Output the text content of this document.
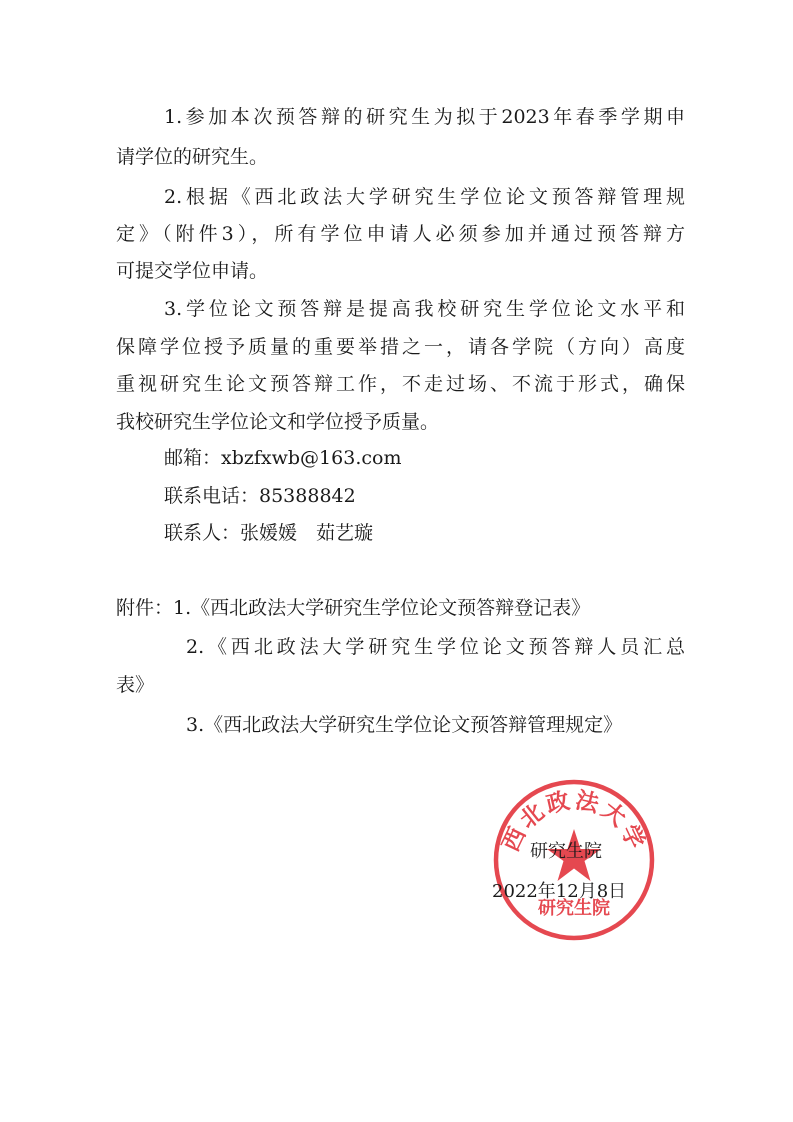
1.参加本次预答辩的研究生为拟于2023年春季学期申
请学位的研究生。
2.根据《西北政法大学研究生学位论文预答辩管理规
定》（附件3），所有学位申请人必须参加并通过预答辩方
可提交学位申请。
3.学位论文预答辩是提高我校研究生学位论文水平和
保障学位授予质量的重要举措之一，请各学院（方向）高度
重视研究生论文预答辩工作，不走过场、不流于形式，确保
我校研究生学位论文和学位授予质量。
邮箱：xbzfxwb@163.com
联系电话：85388842
联系人：张媛媛　茹艺璇
附件：1.《西北政法大学研究生学位论文预答辩登记表》
2.《西北政法大学研究生学位论文预答辩人员汇总
表》
3.《西北政法大学研究生学位论文预答辩管理规定》
西北政法大学
研究生院
研究生院
2022年12月8日
